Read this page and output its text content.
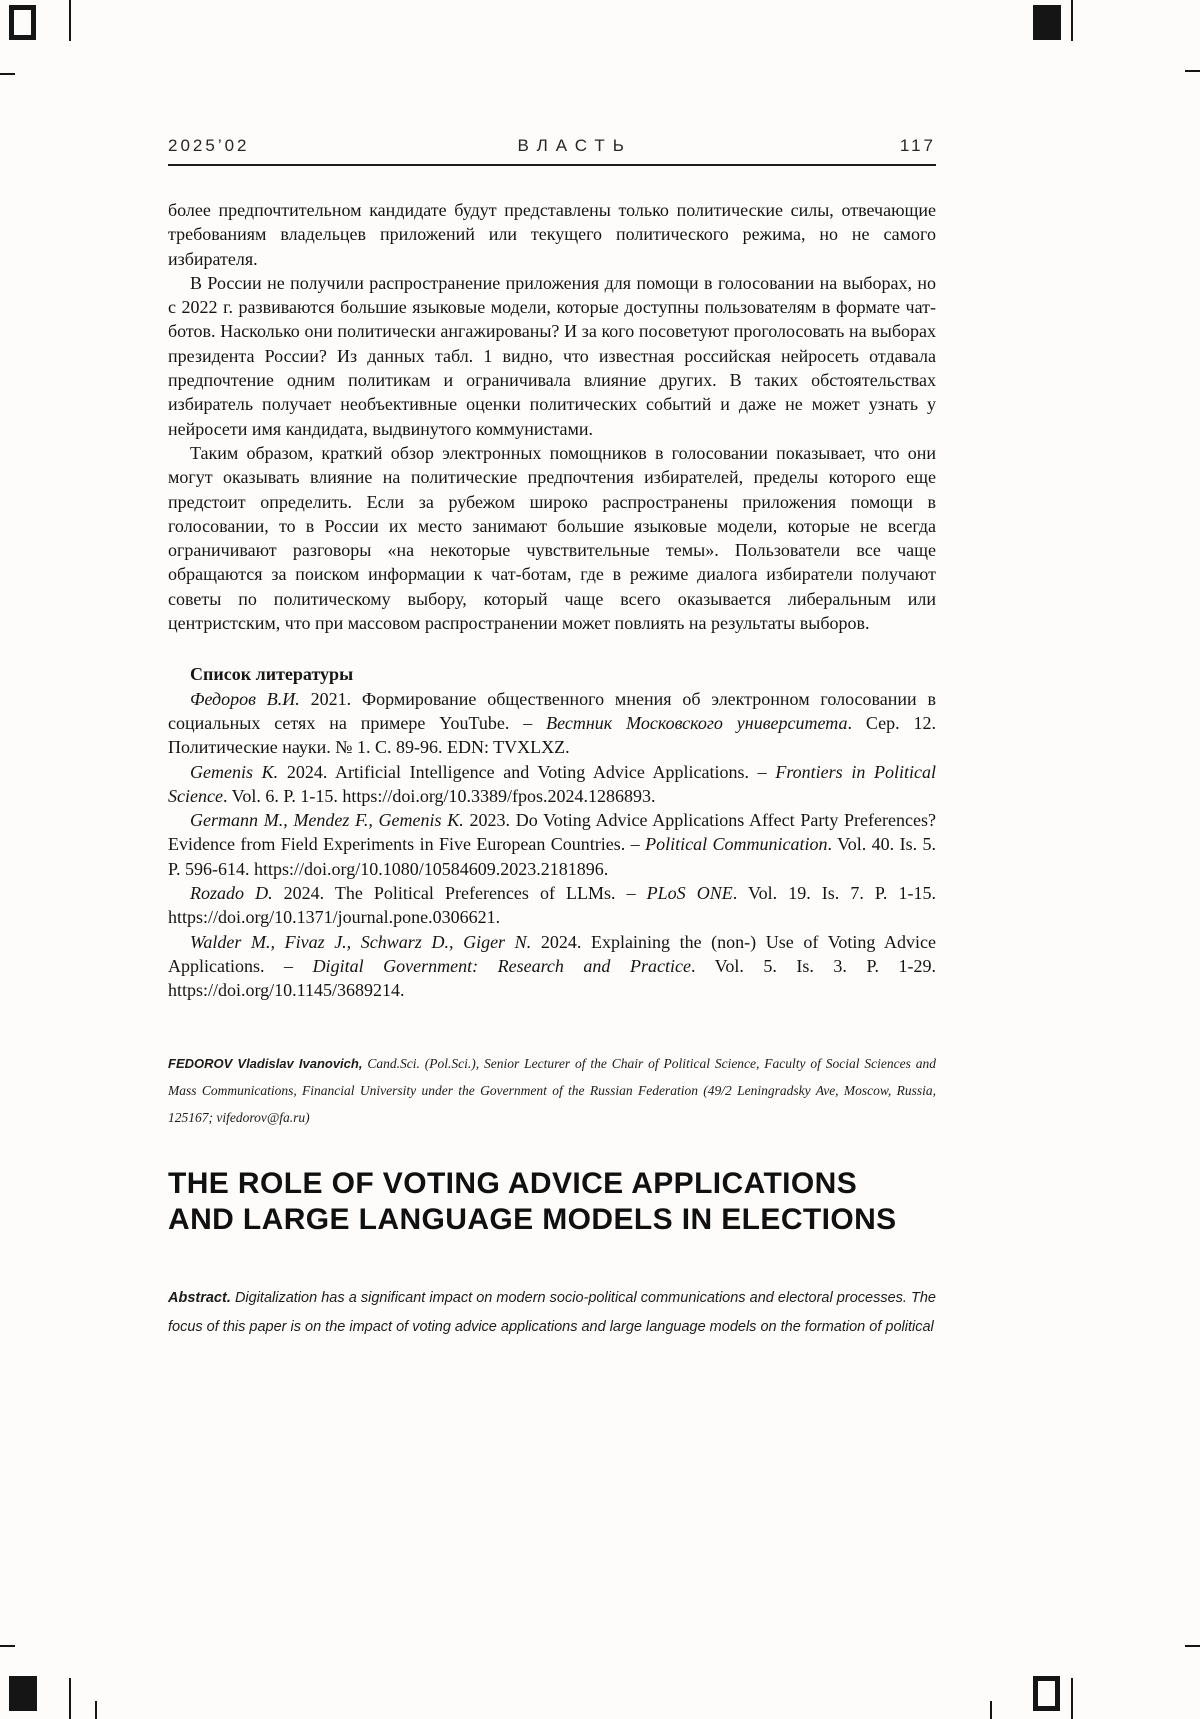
2025’02	ВЛАСТЬ	117

более предпочтительном кандидате будут представлены только политические силы, отвечающие требованиям владельцев приложений или текущего политического режима, но не самого избирателя.

В России не получили распространение приложения для помощи в голосовании на выборах, но с 2022 г. развиваются большие языковые модели, которые доступны пользователям в формате чат-ботов. Насколько они политически ангажированы? И за кого посоветуют проголосовать на выборах президента России? Из данных табл. 1 видно, что известная российская нейросеть отдавала предпочтение одним политикам и ограничивала влияние других. В таких обстоятельствах избиратель получает необъективные оценки политических событий и даже не может узнать у нейросети имя кандидата, выдвинутого коммунистами.

Таким образом, краткий обзор электронных помощников в голосовании показывает, что они могут оказывать влияние на политические предпочтения избирателей, пределы которого еще предстоит определить. Если за рубежом широко распространены приложения помощи в голосовании, то в России их место занимают большие языковые модели, которые не всегда ограничивают разговоры «на некоторые чувствительные темы». Пользователи все чаще обращаются за поиском информации к чат-ботам, где в режиме диалога избиратели получают советы по политическому выбору, который чаще всего оказывается либеральным или центристским, что при массовом распространении может повлиять на результаты выборов.

Список литературы

Федоров В.И. 2021. Формирование общественного мнения об электронном голосовании в социальных сетях на примере YouTube. – Вестник Московского университета. Сер. 12. Политические науки. № 1. С. 89-96. EDN: TVXLXZ.

Gemenis K. 2024. Artificial Intelligence and Voting Advice Applications. – Frontiers in Political Science. Vol. 6. P. 1-15. https://doi.org/10.3389/fpos.2024.1286893.

Germann M., Mendez F., Gemenis K. 2023. Do Voting Advice Applications Affect Party Preferences? Evidence from Field Experiments in Five European Countries. – Political Communication. Vol. 40. Is. 5. P. 596-614. https://doi.org/10.1080/10584609.2023.2181896.

Rozado D. 2024. The Political Preferences of LLMs. – PLoS ONE. Vol. 19. Is. 7. P. 1-15. https://doi.org/10.1371/journal.pone.0306621.

Walder M., Fivaz J., Schwarz D., Giger N. 2024. Explaining the (non-) Use of Voting Advice Applications. – Digital Government: Research and Practice. Vol. 5. Is. 3. P. 1-29. https://doi.org/10.1145/3689214.

FEDOROV Vladislav Ivanovich, Cand.Sci. (Pol.Sci.), Senior Lecturer of the Chair of Political Science, Faculty of Social Sciences and Mass Communications, Financial University under the Government of the Russian Federation (49/2 Leningradsky Ave, Moscow, Russia, 125167; vifedorov@fa.ru)

THE ROLE OF VOTING ADVICE APPLICATIONS
AND LARGE LANGUAGE MODELS IN ELECTIONS

Abstract. Digitalization has a significant impact on modern socio-political communications and electoral processes. The focus of this paper is on the impact of voting advice applications and large language models on the formation of political
